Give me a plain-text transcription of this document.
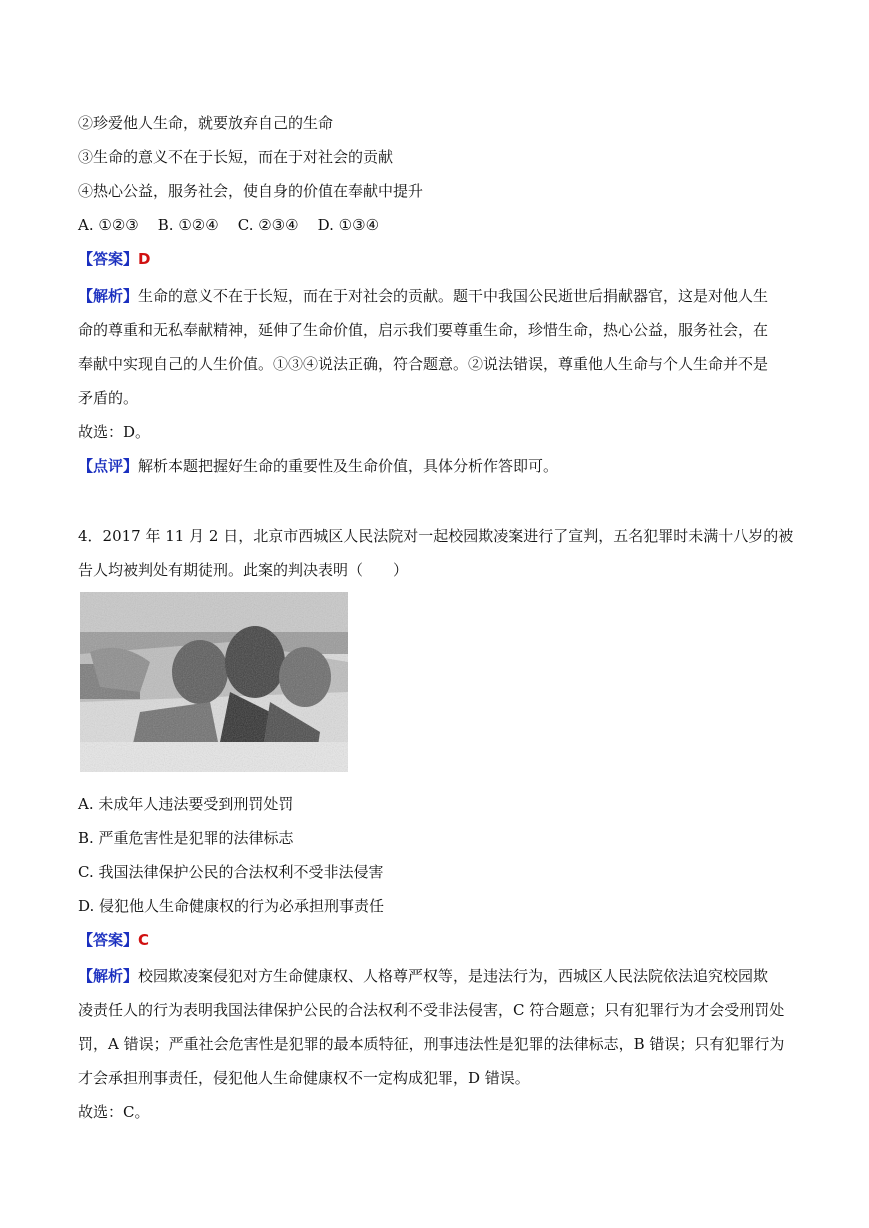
②珍爱他人生命，就要放弃自己的生命
③生命的意义不在于长短，而在于对社会的贡献
④热心公益，服务社会，使自身的价值在奉献中提升
A. ①②③    B. ①②④    C. ②③④    D. ①③④
【答案】D
【解析】生命的意义不在于长短，而在于对社会的贡献。题干中我国公民逝世后捐献器官，这是对他人生
命的尊重和无私奉献精神，延伸了生命价值，启示我们要尊重生命，珍惜生命，热心公益，服务社会，在
奉献中实现自己的人生价值。①③④说法正确，符合题意。②说法错误，尊重他人生命与个人生命并不是
矛盾的。
故选：D。
【点评】解析本题把握好生命的重要性及生命价值，具体分析作答即可。
4．2017 年 11 月 2 日，北京市西城区人民法院对一起校园欺凌案进行了宣判，五名犯罪时未满十八岁的被
告人均被判处有期徒刑。此案的判决表明（　　）
A. 未成年人违法要受到刑罚处罚
B. 严重危害性是犯罪的法律标志
C. 我国法律保护公民的合法权利不受非法侵害
D. 侵犯他人生命健康权的行为必承担刑事责任
【答案】C
【解析】校园欺凌案侵犯对方生命健康权、人格尊严权等，是违法行为，西城区人民法院依法追究校园欺
凌责任人的行为表明我国法律保护公民的合法权利不受非法侵害，C 符合题意；只有犯罪行为才会受刑罚处
罚，A 错误；严重社会危害性是犯罪的最本质特征，刑事违法性是犯罪的法律标志，B 错误；只有犯罪行为
才会承担刑事责任，侵犯他人生命健康权不一定构成犯罪，D 错误。
故选：C。
